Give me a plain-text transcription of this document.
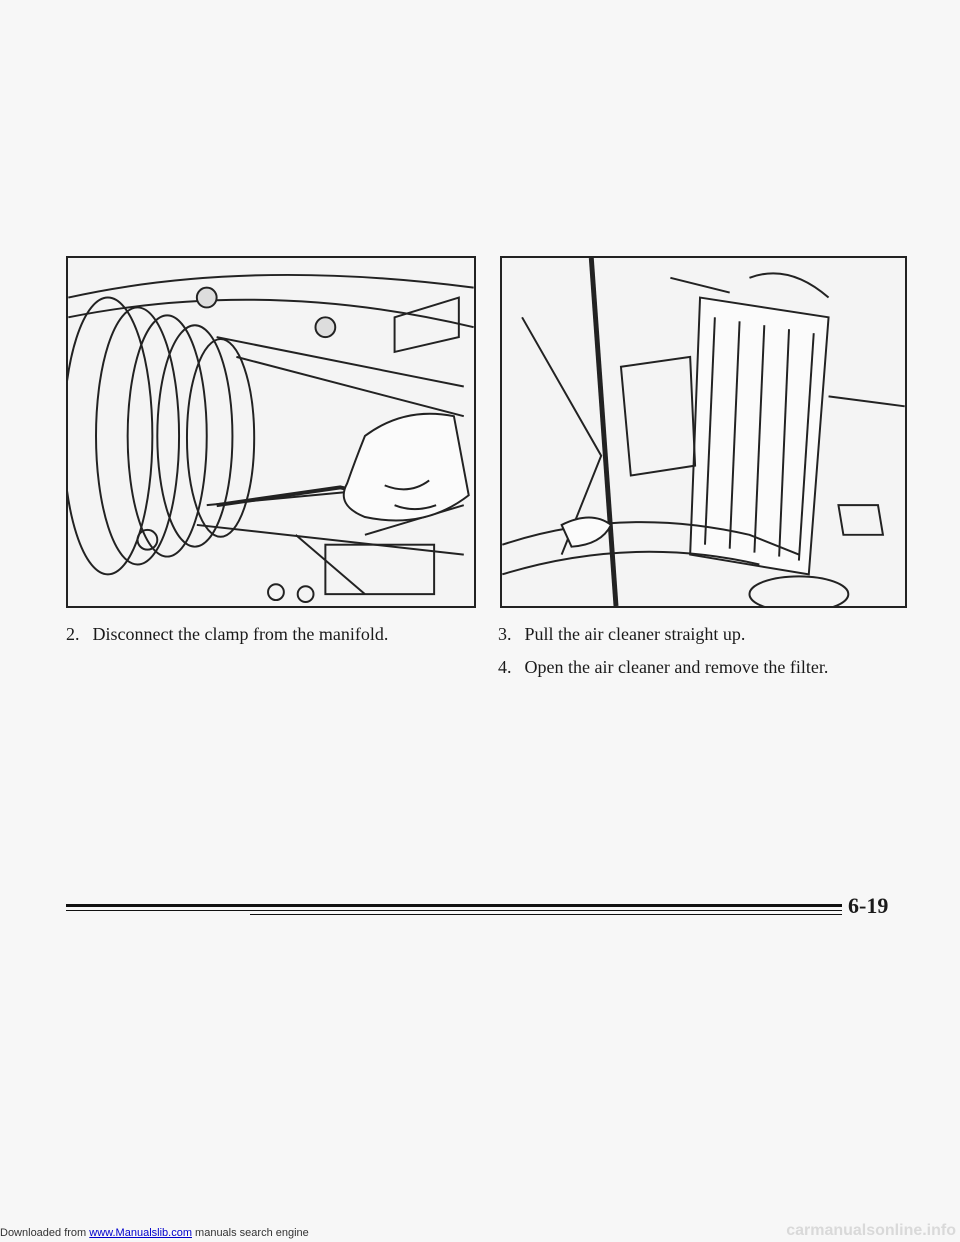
2. Disconnect the clamp from the manifold.	3. Pull the air cleaner straight up.
4. Open the air cleaner and remove the filter.
6-19
Downloaded from www.Manualslib.com manuals search engine	carmanualsonline.info
